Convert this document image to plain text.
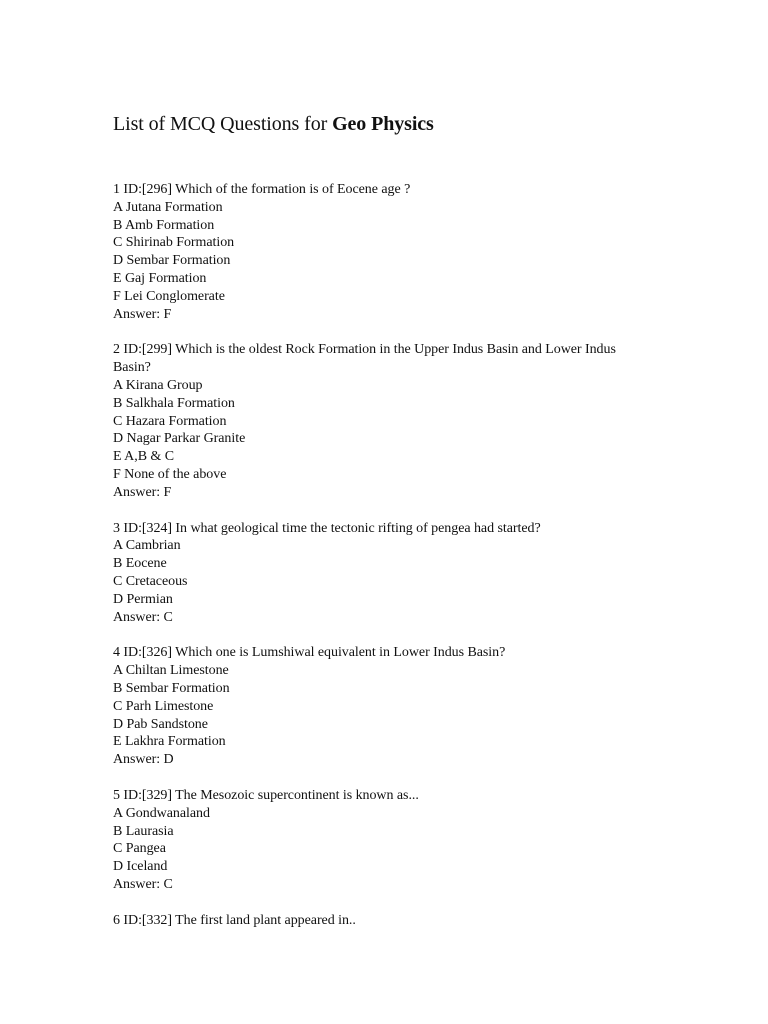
List of MCQ Questions for Geo Physics
1 ID:[296] Which of the formation is of Eocene age ?
A Jutana Formation
B Amb Formation
C Shirinab Formation
D Sembar Formation
E Gaj Formation
F Lei Conglomerate
Answer: F
2 ID:[299] Which is the oldest Rock Formation in the Upper Indus Basin and Lower Indus Basin?
A Kirana Group
B Salkhala Formation
C Hazara Formation
D Nagar Parkar Granite
E A,B & C
F None of the above
Answer: F
3 ID:[324] In what geological time the tectonic rifting of pengea had started?
A Cambrian
B Eocene
C Cretaceous
D Permian
Answer: C
4 ID:[326] Which one is Lumshiwal equivalent in Lower Indus Basin?
A Chiltan Limestone
B Sembar Formation
C Parh Limestone
D Pab Sandstone
E Lakhra Formation
Answer: D
5 ID:[329] The Mesozoic supercontinent is known as...
A Gondwanaland
B Laurasia
C Pangea
D Iceland
Answer: C
6 ID:[332] The first land plant appeared in..
